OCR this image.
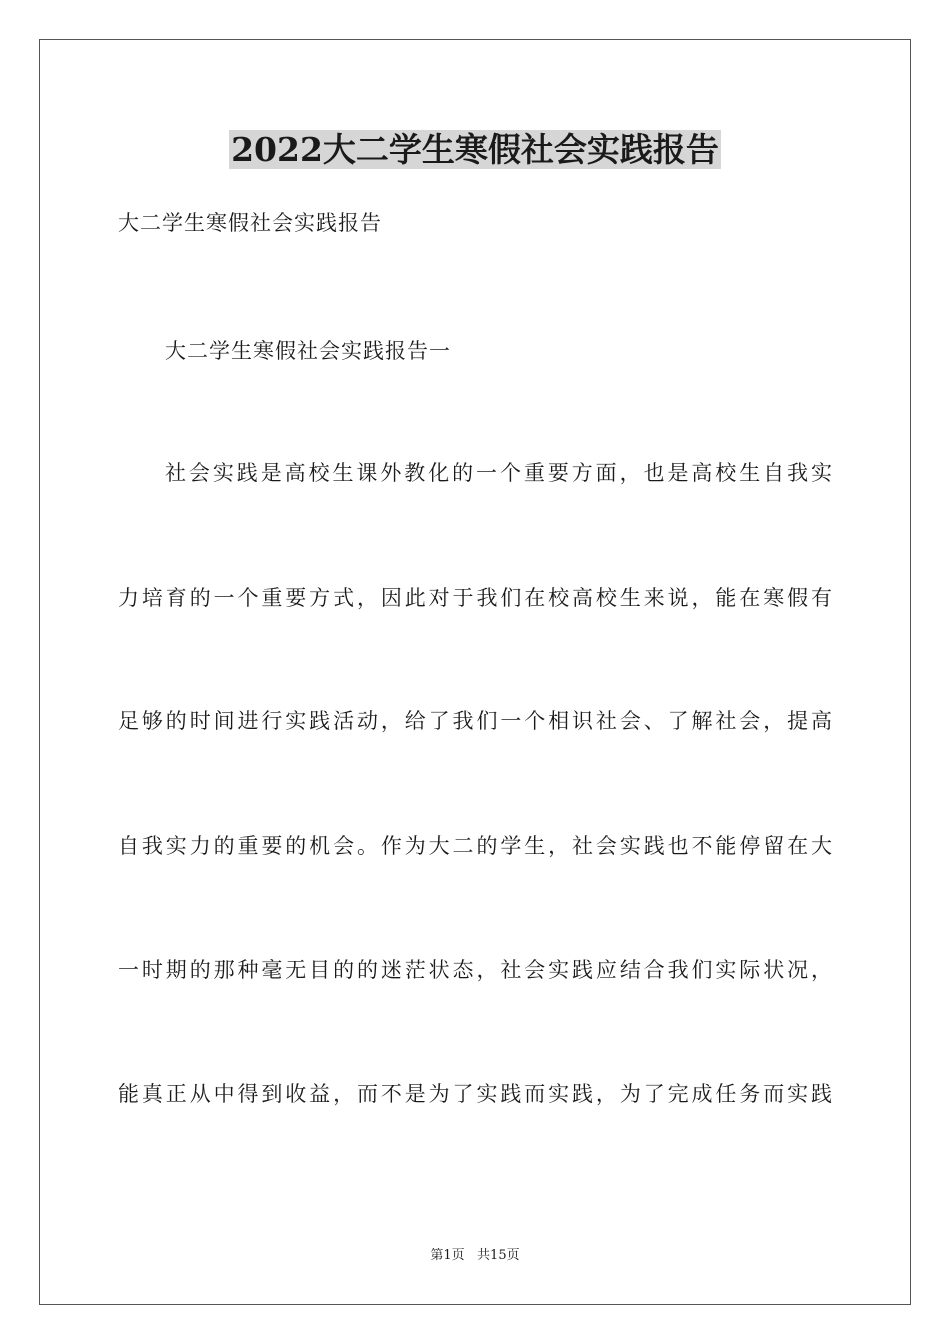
2022大二学生寒假社会实践报告
大二学生寒假社会实践报告
大二学生寒假社会实践报告一
社会实践是高校生课外教化的一个重要方面，也是高校生自我实
力培育的一个重要方式，因此对于我们在校高校生来说，能在寒假有
足够的时间进行实践活动，给了我们一个相识社会、了解社会，提高
自我实力的重要的机会。作为大二的学生，社会实践也不能停留在大
一时期的那种毫无目的的迷茫状态，社会实践应结合我们实际状况，
能真正从中得到收益，而不是为了实践而实践，为了完成任务而实践
第1页   共15页
